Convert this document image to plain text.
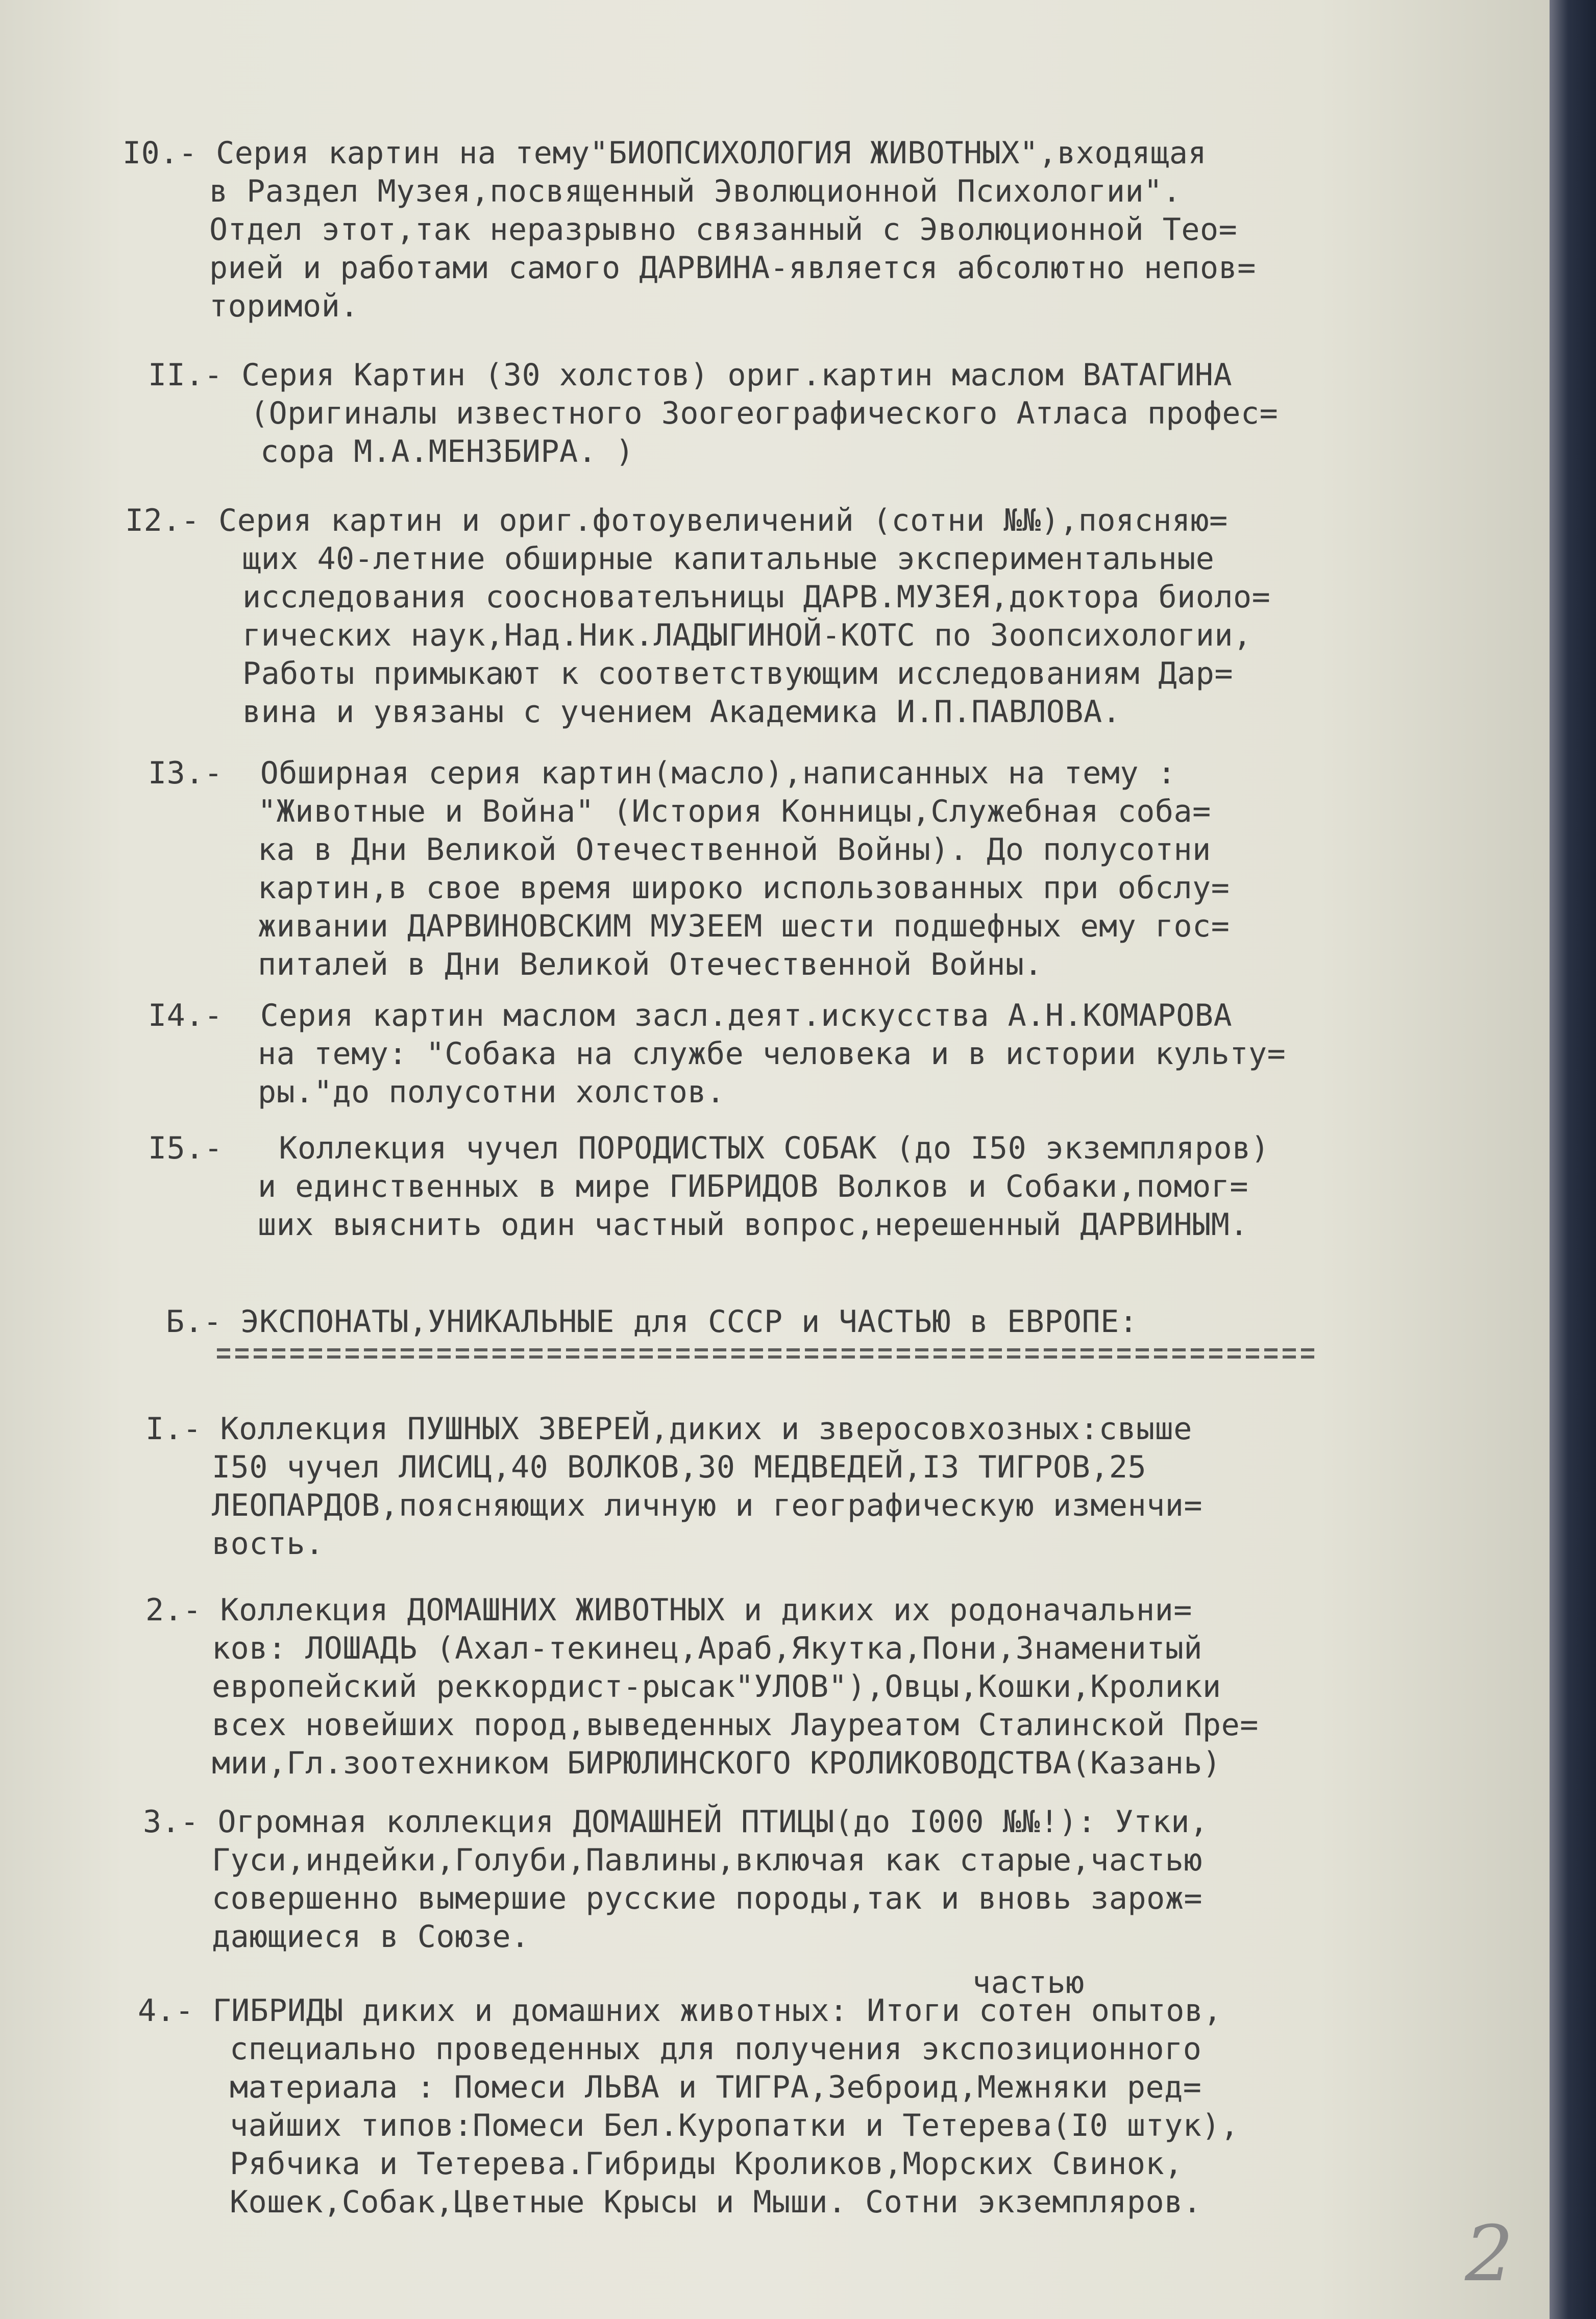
I0.- Серия картин на тему"БИОПСИХОЛОГИЯ ЖИВОТНЫХ",входящая
в Раздел Музея,посвященный Эволюционной Психологии".
Отдел этот,так неразрывно связанный с Эволюционной Тео=
рией и работами самого ДАРВИНА-является абсолютно непов=
торимой.
II.- Серия Картин (30 холстов) ориг.картин маслом ВАТАГИНА
(Оригиналы известного Зоогеографического Атласа профес=
сора М.А.МЕНЗБИРА. )
I2.- Серия картин и ориг.фотоувеличений (сотни №№),поясняю=
щих 40-летние обширные капитальные экспериментальные
исследования сооснователъницы ДАРВ.МУЗЕЯ,доктора биоло=
гических наук,Над.Ник.ЛАДЫГИНОЙ-КОТС по Зоопсихологии,
Работы примыкают к соответствующим исследованиям Дар=
вина и увязаны с учением Академика И.П.ПАВЛОВА.
I3.-  Обширная серия картин(масло),написанных на тему :
"Животные и Война" (История Конницы,Служебная соба=
ка в Дни Великой Отечественной Войны). До полусотни
картин,в свое время широко использованных при обслу=
живании ДАРВИНОВСКИМ МУЗЕЕМ шести подшефных ему гос=
питалей в Дни Великой Отечественной Войны.
I4.-  Серия картин маслом засл.деят.искусства А.Н.КОМАРОВА
на тему: "Собака на службе человека и в истории культу=
ры."до полусотни холстов.
I5.-   Коллекция чучел ПОРОДИСТЫХ СОБАК (до I50 экземпляров)
и единственных в мире ГИБРИДОВ Волков и Собаки,помог=
ших выяснить один частный вопрос,нерешенный ДАРВИНЫМ.
Б.- ЭКСПОНАТЫ,УНИКАЛЬНЫЕ для СССР и ЧАСТЬЮ в ЕВРОПЕ:
I.- Коллекция ПУШНЫХ ЗВЕРЕЙ,диких и зверосовхозных:свыше
I50 чучел ЛИСИЦ,40 ВОЛКОВ,30 МЕДВЕДЕЙ,I3 ТИГРОВ,25
ЛЕОПАРДОВ,поясняющих личную и географическую изменчи=
вость.
2.- Коллекция ДОМАШНИХ ЖИВОТНЫХ и диких их родоначальни=
ков: ЛОШАДЬ (Ахал-текинец,Араб,Якутка,Пони,Знаменитый
европейский реккордист-рысак"УЛОВ"),Овцы,Кошки,Кролики
всех новейших пород,выведенных Лауреатом Сталинской Пре=
мии,Гл.зоотехником БИРЮЛИНСКОГО КРОЛИКОВОДСТВА(Казань)
3.- Огромная коллекция ДОМАШНЕЙ ПТИЦЫ(до I000 №№!): Утки,
Гуси,индейки,Голуби,Павлины,включая как старые,частью
совершенно вымершие русские породы,так и вновь зарож=
дающиеся в Союзе.
частью
4.- ГИБРИДЫ диких и домашних животных: Итоги сотен опытов,
специально проведенных для получения экспозиционного
материала : Помеси ЛЬВА и ТИГРА,Зеброид,Межняки ред=
чайших типов:Помеси Бел.Куропатки и Тетерева(I0 штук),
Рябчика и Тетерева.Гибриды Кроликов,Морских Свинок,
Кошек,Собак,Цветные Крысы и Мыши. Сотни экземпляров.
2
